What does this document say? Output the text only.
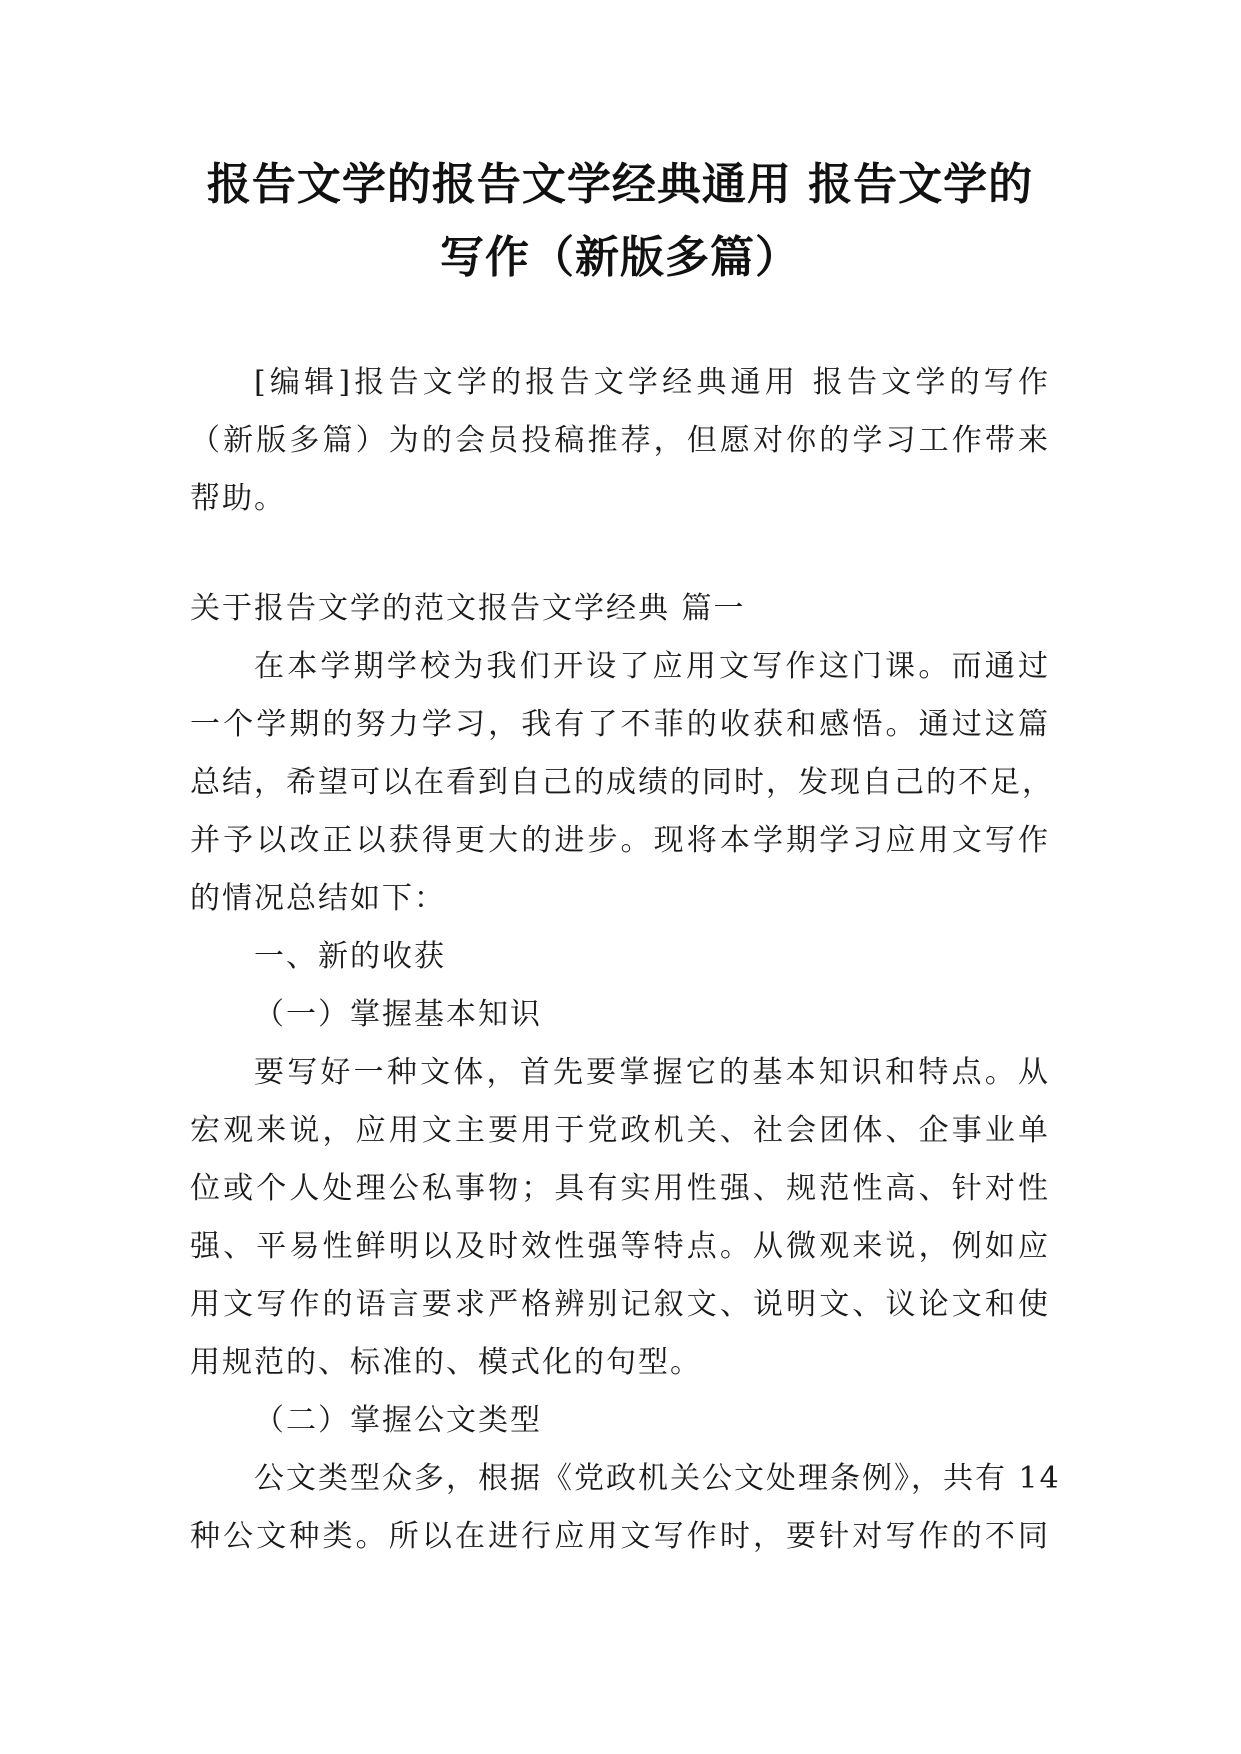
报告文学的报告文学经典通用 报告文学的
写作（新版多篇）
[编辑]报告文学的报告文学经典通用 报告文学的写作
（新版多篇）为的会员投稿推荐，但愿对你的学习工作带来
帮助。
关于报告文学的范文报告文学经典 篇一
在本学期学校为我们开设了应用文写作这门课。而通过
一个学期的努力学习，我有了不菲的收获和感悟。通过这篇
总结，希望可以在看到自己的成绩的同时，发现自己的不足，
并予以改正以获得更大的进步。现将本学期学习应用文写作
的情况总结如下：
一、新的收获
（一）掌握基本知识
要写好一种文体，首先要掌握它的基本知识和特点。从
宏观来说，应用文主要用于党政机关、社会团体、企事业单
位或个人处理公私事物；具有实用性强、规范性高、针对性
强、平易性鲜明以及时效性强等特点。从微观来说，例如应
用文写作的语言要求严格辨别记叙文、说明文、议论文和使
用规范的、标准的、模式化的句型。
（二）掌握公文类型
公文类型众多，根据《党政机关公文处理条例》，共有 14
种公文种类。所以在进行应用文写作时，要针对写作的不同
